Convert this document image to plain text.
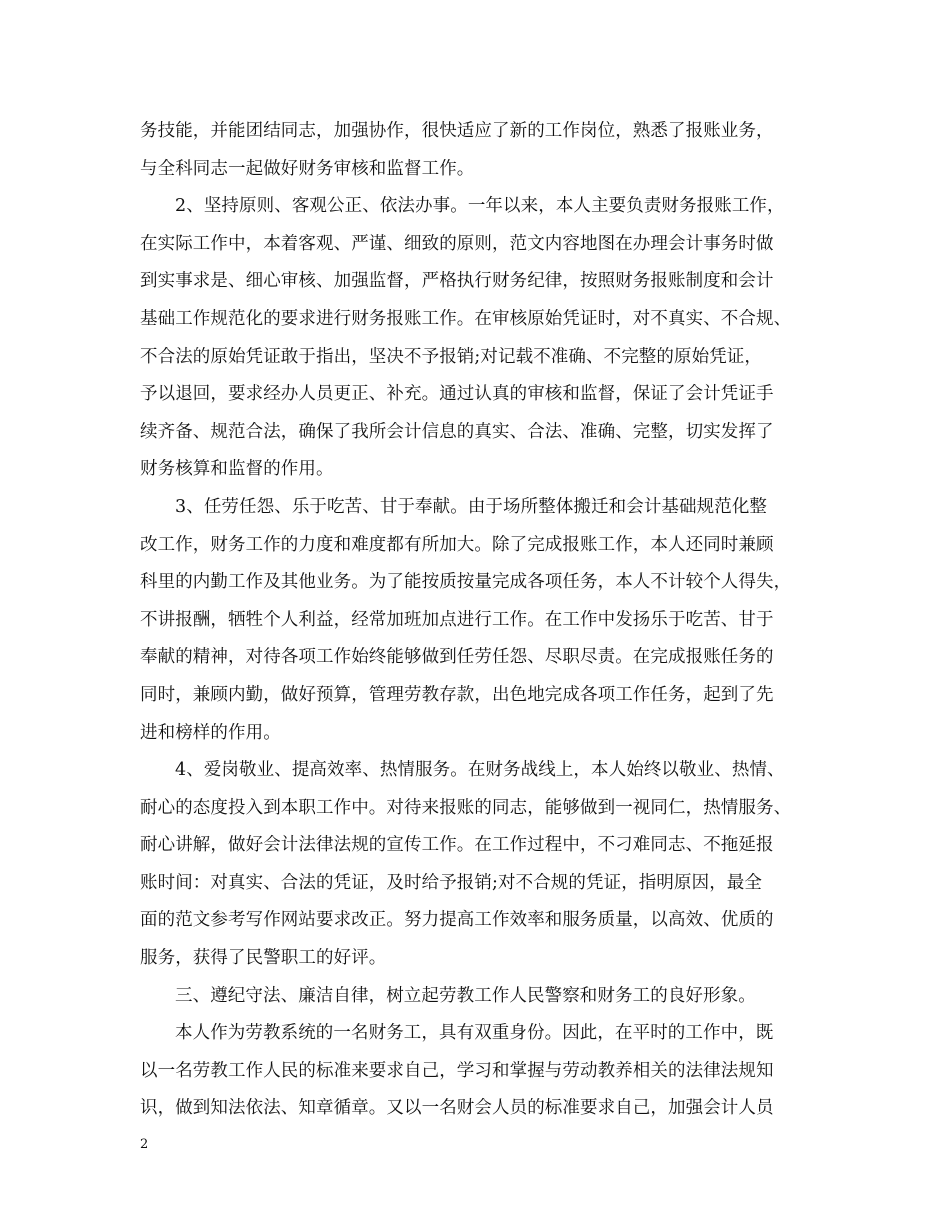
务技能，并能团结同志，加强协作，很快适应了新的工作岗位，熟悉了报账业务，
与全科同志一起做好财务审核和监督工作。
2、坚持原则、客观公正、依法办事。一年以来，本人主要负责财务报账工作，
在实际工作中，本着客观、严谨、细致的原则，范文内容地图在办理会计事务时做
到实事求是、细心审核、加强监督，严格执行财务纪律，按照财务报账制度和会计
基础工作规范化的要求进行财务报账工作。在审核原始凭证时，对不真实、不合规、
不合法的原始凭证敢于指出，坚决不予报销;对记载不准确、不完整的原始凭证，
予以退回，要求经办人员更正、补充。通过认真的审核和监督，保证了会计凭证手
续齐备、规范合法，确保了我所会计信息的真实、合法、准确、完整，切实发挥了
财务核算和监督的作用。
3、任劳任怨、乐于吃苦、甘于奉献。由于场所整体搬迁和会计基础规范化整
改工作，财务工作的力度和难度都有所加大。除了完成报账工作，本人还同时兼顾
科里的内勤工作及其他业务。为了能按质按量完成各项任务，本人不计较个人得失，
不讲报酬，牺牲个人利益，经常加班加点进行工作。在工作中发扬乐于吃苦、甘于
奉献的精神，对待各项工作始终能够做到任劳任怨、尽职尽责。在完成报账任务的
同时，兼顾内勤，做好预算，管理劳教存款，出色地完成各项工作任务，起到了先
进和榜样的作用。
4、爱岗敬业、提高效率、热情服务。在财务战线上，本人始终以敬业、热情、
耐心的态度投入到本职工作中。对待来报账的同志，能够做到一视同仁，热情服务、
耐心讲解，做好会计法律法规的宣传工作。在工作过程中，不刁难同志、不拖延报
账时间：对真实、合法的凭证，及时给予报销;对不合规的凭证，指明原因，最全
面的范文参考写作网站要求改正。努力提高工作效率和服务质量，以高效、优质的
服务，获得了民警职工的好评。
三、遵纪守法、廉洁自律，树立起劳教工作人民警察和财务工的良好形象。
本人作为劳教系统的一名财务工，具有双重身份。因此，在平时的工作中，既
以一名劳教工作人民的标准来要求自己，学习和掌握与劳动教养相关的法律法规知
识，做到知法依法、知章循章。又以一名财会人员的标准要求自己，加强会计人员
2
